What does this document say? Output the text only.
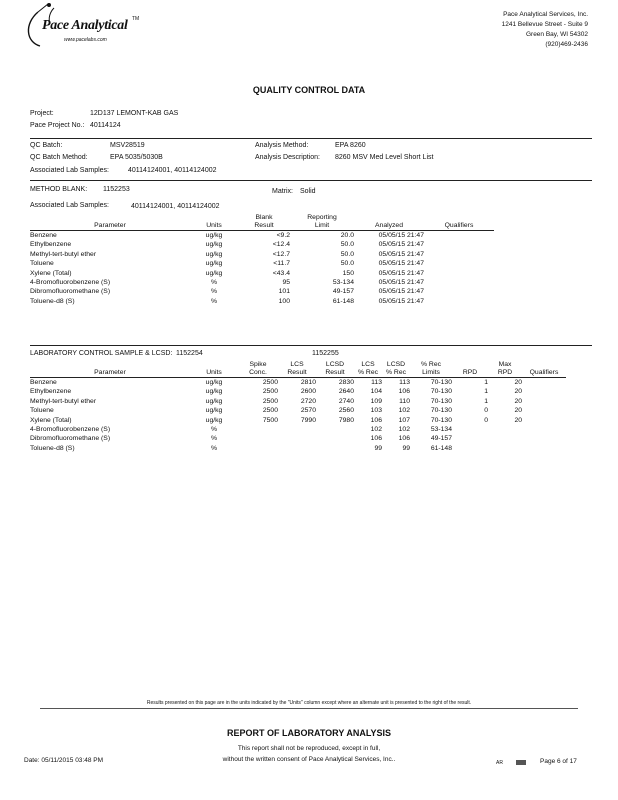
Pace Analytical TM
www.pacelabs.com
Pace Analytical Services, Inc.
1241 Bellevue Street - Suite 9
Green Bay, WI 54302
(920)469-2436
QUALITY CONTROL DATA
Project:	12D137 LEMONT-KAB GAS
Pace Project No.: 40114124
QC Batch:	MSV28519	Analysis Method:	EPA 8260
QC Batch Method:	EPA 5035/5030B	Analysis Description: 8260 MSV Med Level Short List
Associated Lab Samples:	40114124001, 40114124002
METHOD BLANK: 1152253	Matrix: Solid
Associated Lab Samples:	40114124001, 40114124002
		Blank	Reporting		
Parameter	Units	Result	Limit	Analyzed	Qualifiers
Benzene	ug/kg	<9.2	20.0	05/05/15 21:47	
Ethylbenzene	ug/kg	<12.4	50.0	05/05/15 21:47	
Methyl-tert-butyl ether	ug/kg	<12.7	50.0	05/05/15 21:47	
Toluene	ug/kg	<11.7	50.0	05/05/15 21:47	
Xylene (Total)	ug/kg	<43.4	150	05/05/15 21:47	
4-Bromofluorobenzene (S)	%	95	53-134	05/05/15 21:47	
Dibromofluoromethane (S)	%	101	49-157	05/05/15 21:47	
Toluene-d8 (S)	%	100	61-148	05/05/15 21:47	
LABORATORY CONTROL SAMPLE & LCSD: 1152254	1152255
		Spike	LCS	LCSD	LCS	LCSD	% Rec		Max	
Parameter	Units	Conc.	Result	Result	% Rec	% Rec	Limits	RPD	RPD	Qualifiers
Benzene	ug/kg	2500	2810	2830	113	113	70-130	1	20	
Ethylbenzene	ug/kg	2500	2600	2640	104	106	70-130	1	20	
Methyl-tert-butyl ether	ug/kg	2500	2720	2740	109	110	70-130	1	20	
Toluene	ug/kg	2500	2570	2560	103	102	70-130	0	20	
Xylene (Total)	ug/kg	7500	7990	7980	106	107	70-130	0	20	
4-Bromofluorobenzene (S)	%				102	102	53-134			
Dibromofluoromethane (S)	%				106	106	49-157			
Toluene-d8 (S)	%				99	99	61-148			
Results presented on this page are in the units indicated by the "Units" column except where an alternate unit is presented to the right of the result.
REPORT OF LABORATORY ANALYSIS
This report shall not be reproduced, except in full,
without the written consent of Pace Analytical Services, Inc..
Date: 05/11/2015 03:48 PM	AR	Page 6 of 17
